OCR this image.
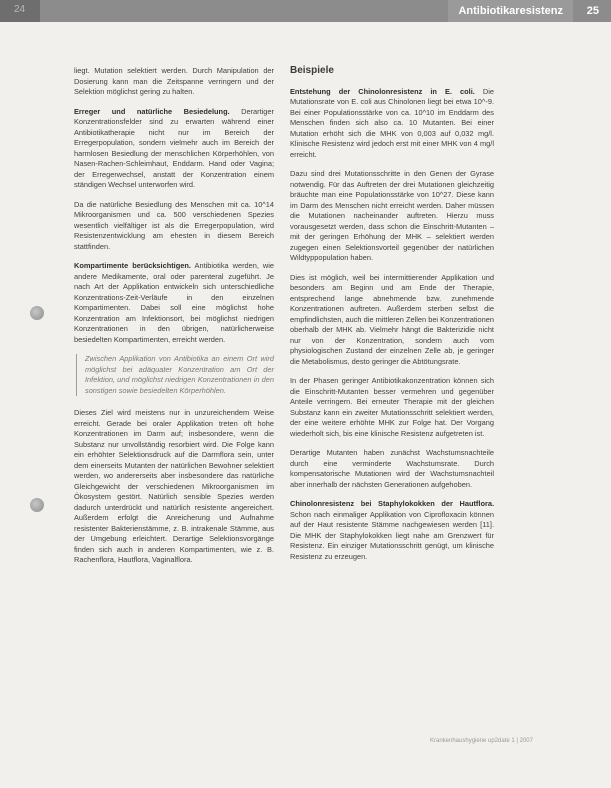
24	Antibiotikaresistenz	25

liegt. Mutation selektiert werden. Durch Manipulation der Dosierung kann man die Zeitspanne verringern und der Selektion möglichst gering zu halten.

Erreger und natürliche Besiedelung. Derartiger Konzentrationsfelder sind zu erwarten während einer Antibiotikatherapie nicht nur im Bereich der Erregerpopulation, sondern vielmehr auch im Bereich der harmlosen Besiedlung der menschlichen Körperhöhlen, von Nasen-Rachen-Schleimhaut, Enddarm. Hand oder Vagina; der Erregerwechsel, anstatt der Konzentration einem ständigen Wechsel unterworfen wird.

Da die natürliche Besiedlung des Menschen mit ca. 10^14 Mikroorganismen und ca. 500 verschiedenen Spezies wesentlich vielfältiger ist als die Erregerpopulation, wird Resistenzentwicklung am ehesten in diesem Bereich stattfinden.

Kompartimente berücksichtigen. Antibiotika werden, wie andere Medikamente, oral oder parenteral zugeführt. Je nach Art der Applikation entwickeln sich unterschiedliche Konzentrations-Zeit-Verläufe in den einzelnen Kompartimenten. Dabei soll eine möglichst hohe Konzentration am Infektionsort, bei möglichst niedrigen Konzentrationen in den übrigen, natürlicherweise besiedelten Kompartimenten, erreicht werden.

Zwischen Applikation von Antibiotika an einem Ort wird möglichst bei adäquater Konzentration am Ort der Infektion, und möglichst niedrigen Konzentrationen in den sonstigen sowie besiedelten Körperhöhlen.

Dieses Ziel wird meistens nur in unzureichendem Weise erreicht. Gerade bei oraler Applikation treten oft hohe Konzentrationen im Darm auf; insbesondere, wenn die Substanz nur unvollständig resorbiert wird. Die Folge kann ein erhöhter Selektionsdruck auf die Darmflora sein, unter dem einerseits Mutanten der natürlichen Bewohner selektiert werden, wo andererseits aber insbesondere das natürliche Gleichgewicht der verschiedenen Mikroorganismen im Ökosystem gestört. Natürlich sensible Spezies werden dadurch unterdrückt und natürlich resistente angereichert. Außerdem erfolgt die Anreicherung und Aufnahme resistenter Bakterienstämme, z. B. intrakenale Stämme, aus der Umgebung erleichtert. Derartige Selektionsvorgänge finden sich auch in anderen Kompartimenten, wie z. B. Rachenflora, Hautflora, Vaginalflora.

Beispiele

Entstehung der Chinolonresistenz in E. coli. Die Mutationsrate von E. coli aus Chinolonen liegt bei etwa 10^-9. Bei einer Populationsstärke von ca. 10^10 im Enddarm des Menschen finden sich also ca. 10 Mutanten. Bei einer Mutation erhöht sich die MHK von 0,003 auf 0,032 mg/l. Klinische Resistenz wird jedoch erst mit einer MHK von 4 mg/l erreicht.

Dazu sind drei Mutationsschritte in den Genen der Gyrase notwendig. Für das Auftreten der drei Mutationen gleichzeitig bräuchte man eine Populationsstärke von 10^27. Diese kann im Darm des Menschen nicht erreicht werden. Daher müssen die Mutationen nacheinander auftreten. Hierzu muss vorausgesetzt werden, dass schon die Einschritt-Mutanten – mit der geringen Erhöhung der MHK – selektiert werden zugegen einen Selektionsvorteil gegenüber der natürlichen Wildtyppopulation haben.

Dies ist möglich, weil bei intermittierender Applikation und besonders am Beginn und am Ende der Therapie, entsprechend lange abnehmende bzw. zunehmende Konzentrationen auftreten. Außerdem sterben selbst die empfindlichsten, auch die mittleren Zellen bei Konzentrationen oberhalb der MHK ab. Vielmehr hängt die Bakterizidie nicht nur von der Konzentration, sondern auch vom physiologischen Zustand der einzelnen Zelle ab, je geringer die Metabolismus, desto geringer die Abtötungsrate.

In der Phasen geringer Antibiotikakonzentration können sich die Einschritt-Mutanten besser vermehren und gegenüber Anteile verringern. Bei erneuter Therapie mit der gleichen Substanz kann ein zweiter Mutationsschritt selektiert werden, der eine weitere erhöhte MHK zur Folge hat. Der Vorgang wiederholt sich, bis eine klinische Resistenz aufgetreten ist.

Derartige Mutanten haben zunächst Wachstumsnachteile durch eine verminderte Wachstumsrate. Durch kompensatorische Mutationen wird der Wachstumsnachteil aber innerhalb der nächsten Generationen aufgehoben.

Chinolonresistenz bei Staphylokokken der Hautflora. Schon nach einmaliger Applikation von Ciprofloxacin können auf der Haut resistente Stämme nachgewiesen werden [11]. Die MHK der Staphylokokken liegt nahe am Grenzwert für Resistenz. Ein einziger Mutationsschritt genügt, um klinische Resistenz zu erzeugen.

Krankenhaushygiene up2date 1 | 2007
